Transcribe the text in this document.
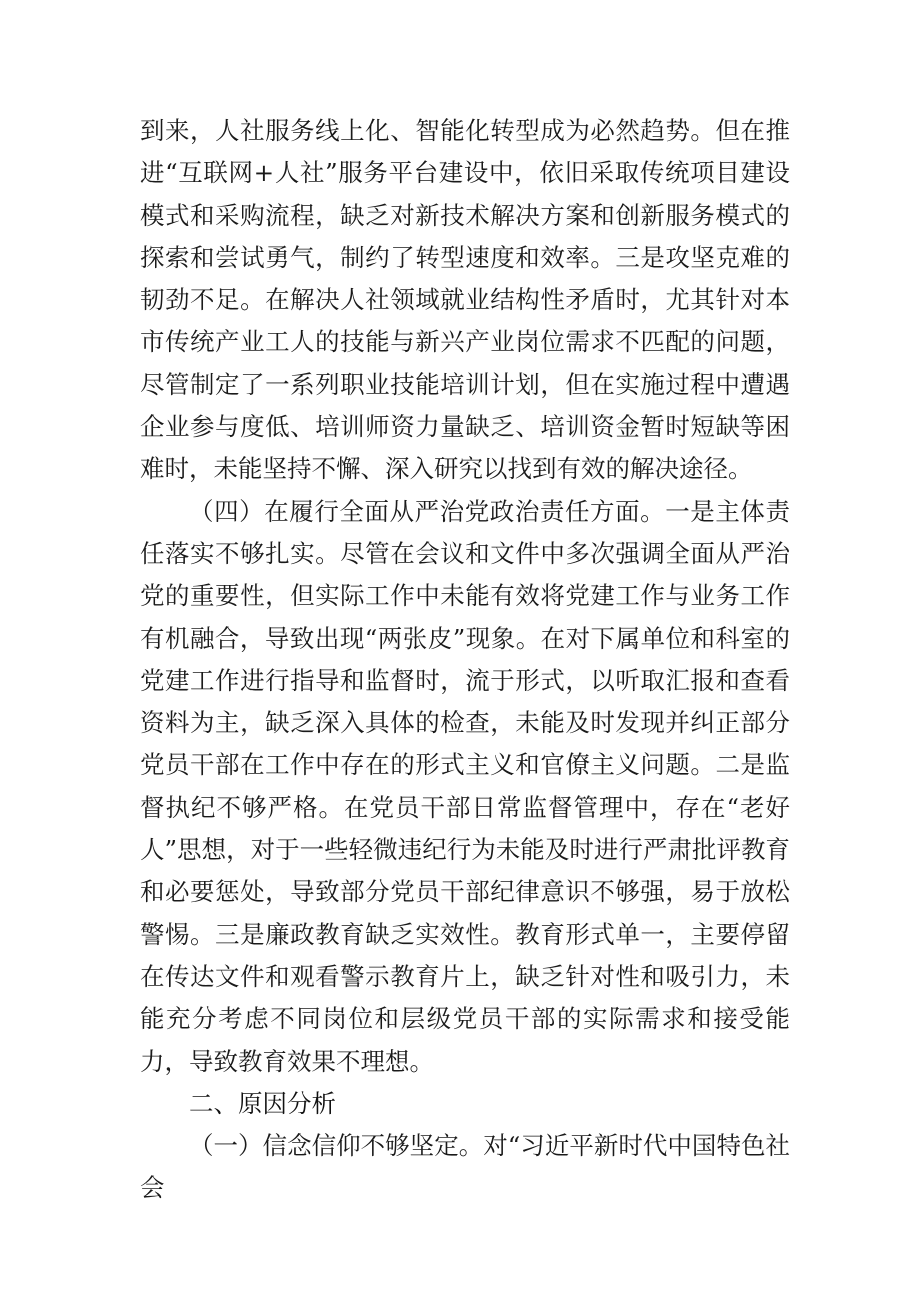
到来，人社服务线上化、智能化转型成为必然趋势。但在推进“互联网+人社”服务平台建设中，依旧采取传统项目建设模式和采购流程，缺乏对新技术解决方案和创新服务模式的探索和尝试勇气，制约了转型速度和效率。三是攻坚克难的韧劲不足。在解决人社领域就业结构性矛盾时，尤其针对本市传统产业工人的技能与新兴产业岗位需求不匹配的问题，尽管制定了一系列职业技能培训计划，但在实施过程中遭遇企业参与度低、培训师资力量缺乏、培训资金暂时短缺等困难时，未能坚持不懈、深入研究以找到有效的解决途径。

（四）在履行全面从严治党政治责任方面。一是主体责任落实不够扎实。尽管在会议和文件中多次强调全面从严治党的重要性，但实际工作中未能有效将党建工作与业务工作有机融合，导致出现“两张皮”现象。在对下属单位和科室的党建工作进行指导和监督时，流于形式，以听取汇报和查看资料为主，缺乏深入具体的检查，未能及时发现并纠正部分党员干部在工作中存在的形式主义和官僚主义问题。二是监督执纪不够严格。在党员干部日常监督管理中，存在“老好人”思想，对于一些轻微违纪行为未能及时进行严肃批评教育和必要惩处，导致部分党员干部纪律意识不够强，易于放松警惕。三是廉政教育缺乏实效性。教育形式单一，主要停留在传达文件和观看警示教育片上，缺乏针对性和吸引力，未能充分考虑不同岗位和层级党员干部的实际需求和接受能力，导致教育效果不理想。

二、原因分析

（一）信念信仰不够坚定。对“习近平新时代中国特色社会
